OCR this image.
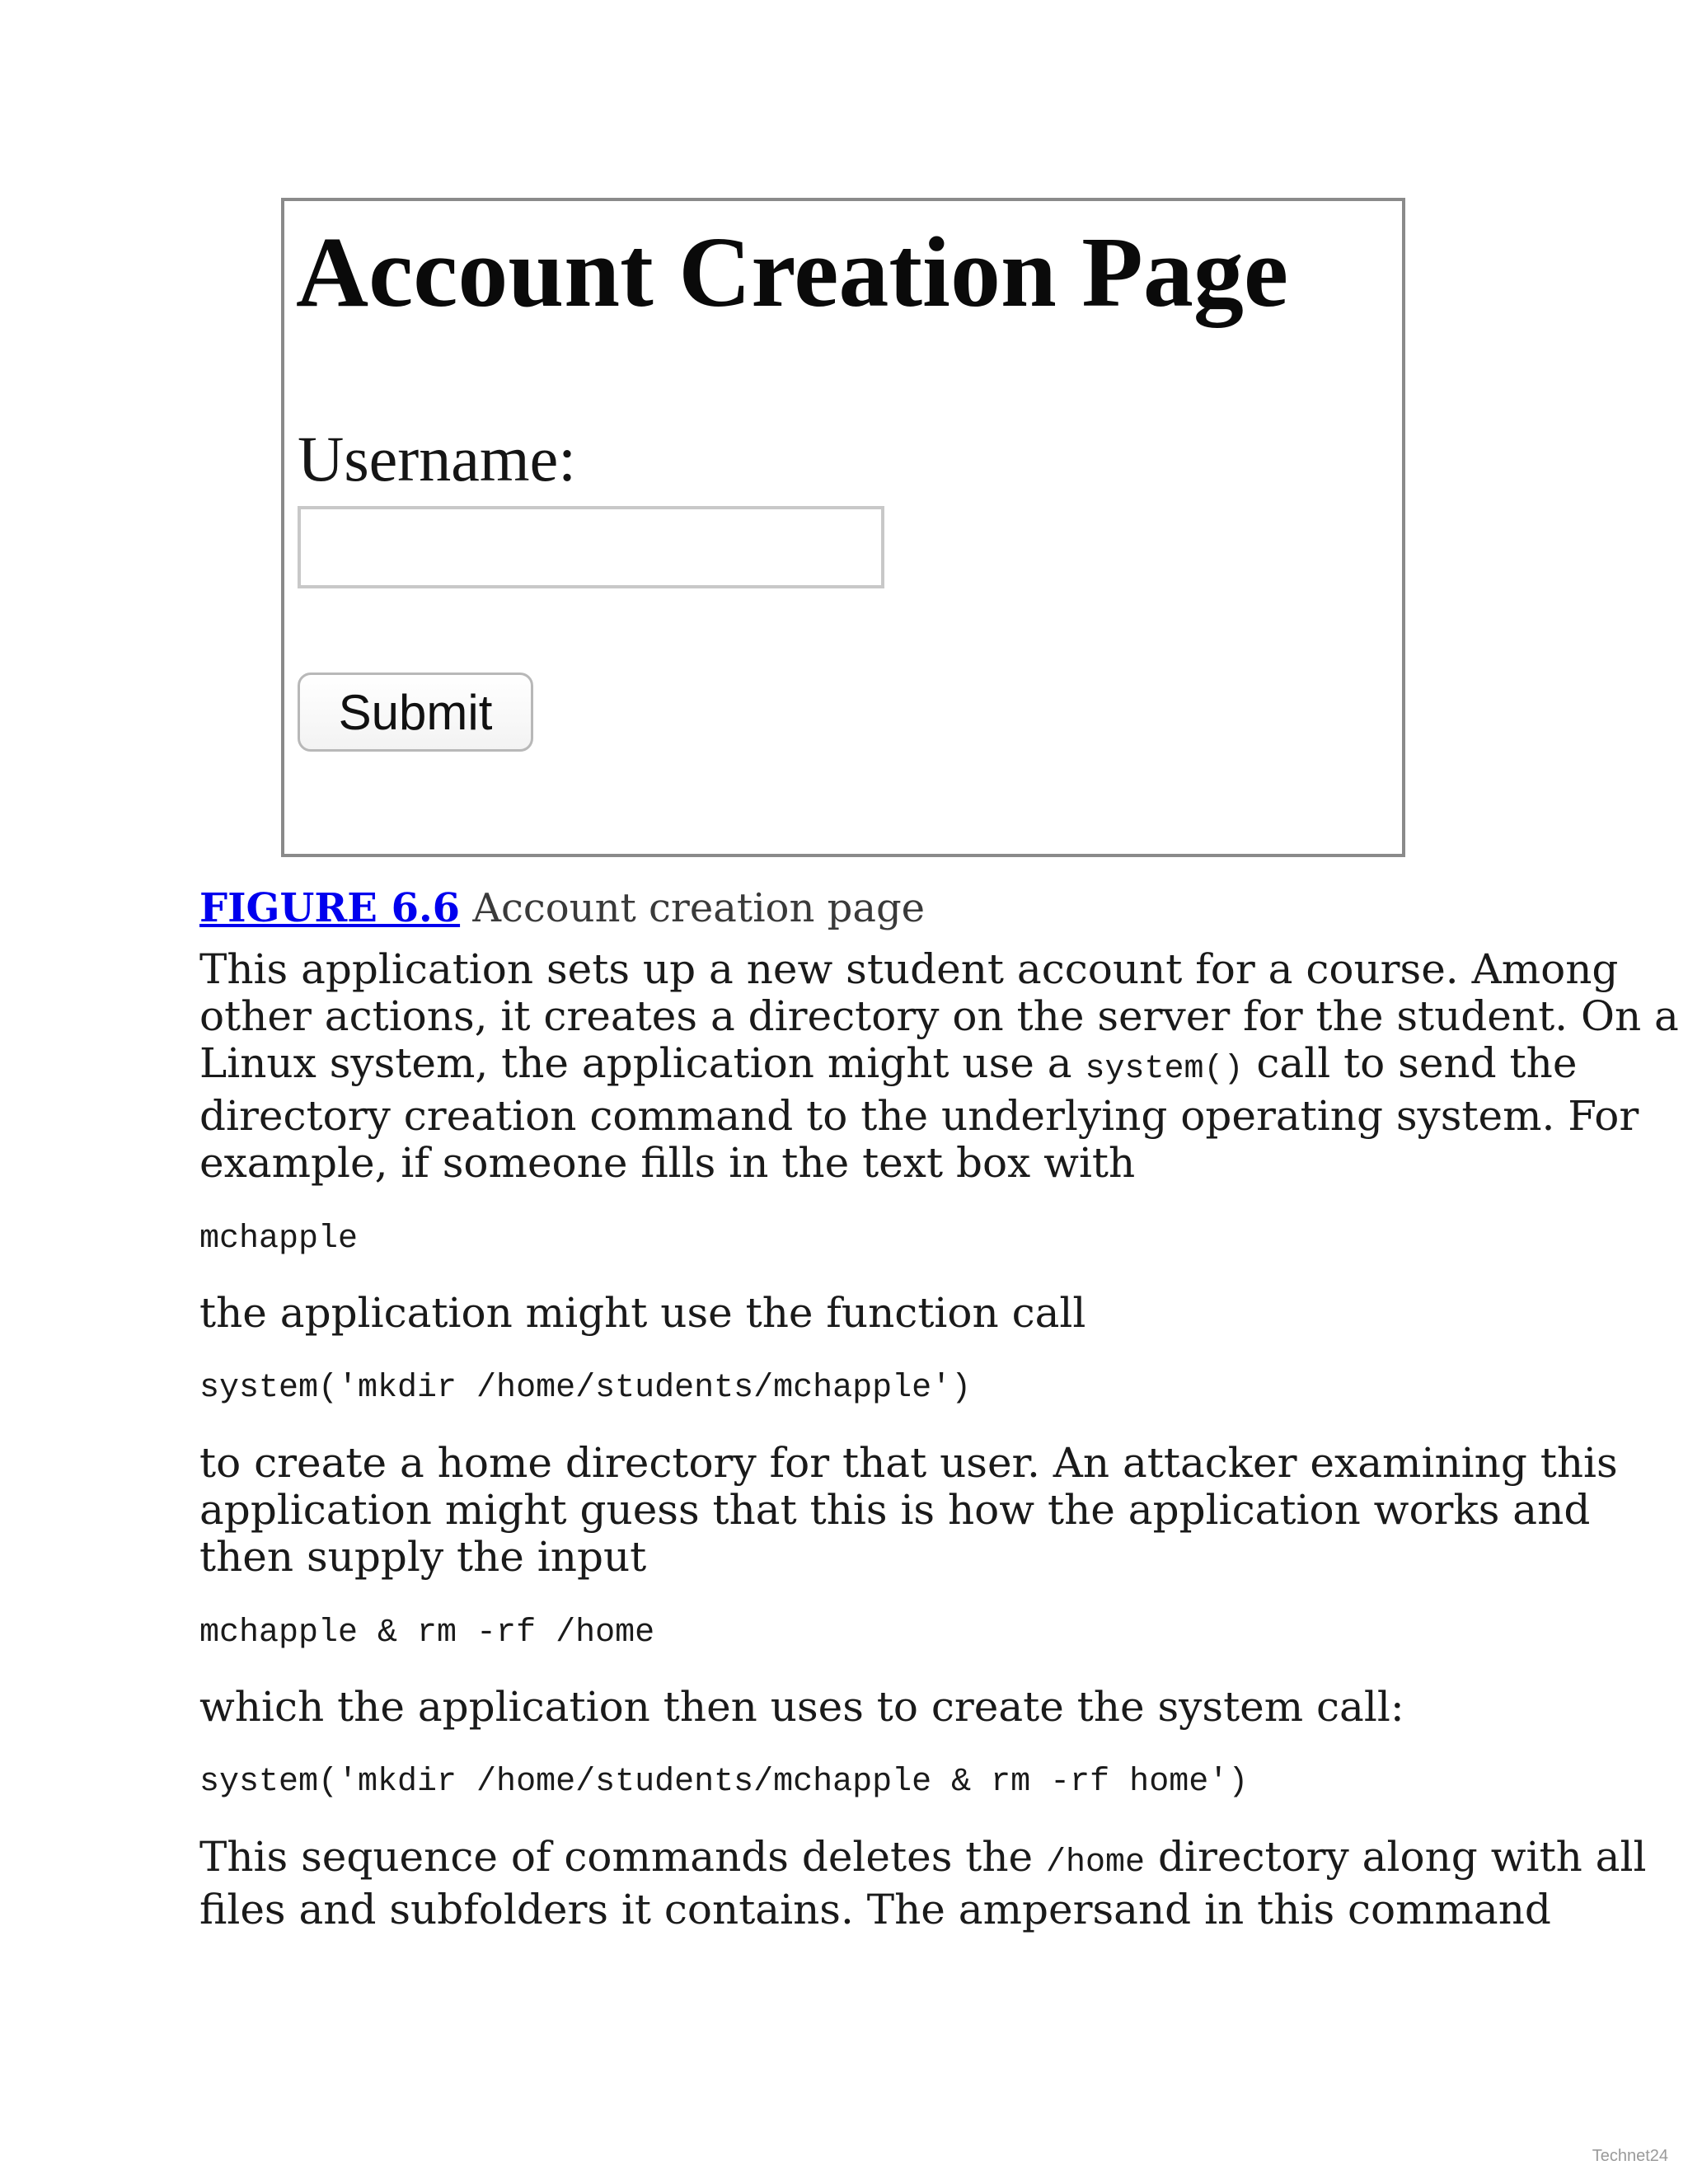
Account Creation Page
Username:
Submit
FIGURE 6.6 Account creation page

This application sets up a new student account for a course. Among
other actions, it creates a directory on the server for the student. On a
Linux system, the application might use a system() call to send the
directory creation command to the underlying operating system. For
example, if someone fills in the text box with

mchapple

the application might use the function call

system('mkdir /home/students/mchapple')

to create a home directory for that user. An attacker examining this
application might guess that this is how the application works and
then supply the input

mchapple & rm -rf /home

which the application then uses to create the system call:

system('mkdir /home/students/mchapple & rm -rf home')

This sequence of commands deletes the /home directory along with all
files and subfolders it contains. The ampersand in this command

Technet24
